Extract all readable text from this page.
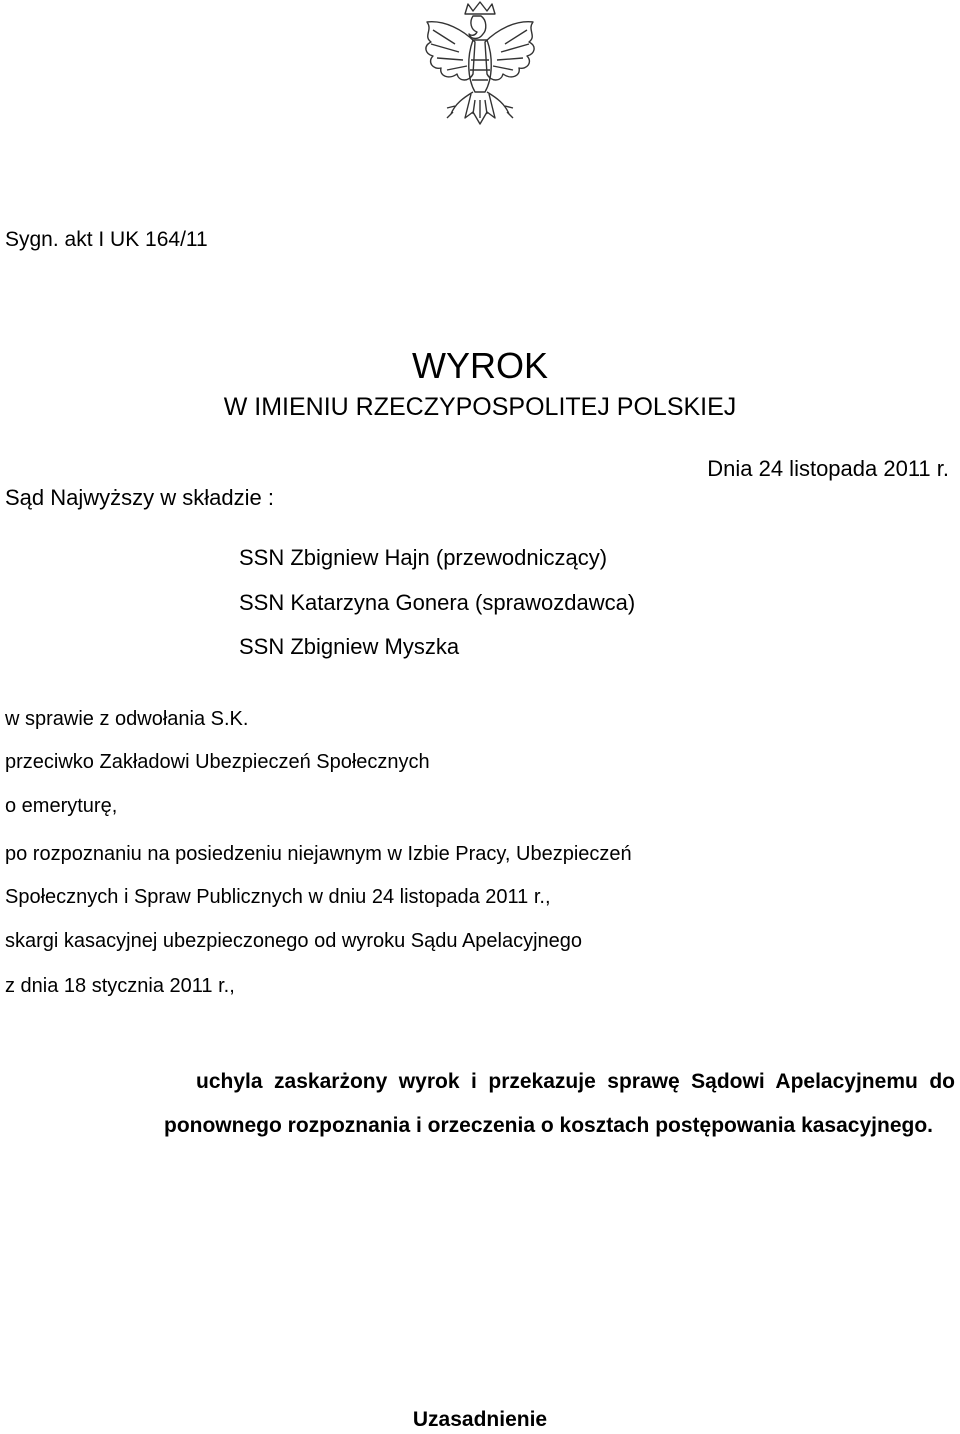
Sygn. akt I UK 164/11
WYROK
W IMIENIU RZECZYPOSPOLITEJ POLSKIEJ
Dnia 24 listopada 2011 r.
Sąd Najwyższy w składzie :
SSN Zbigniew Hajn (przewodniczący)
SSN Katarzyna Gonera (sprawozdawca)
SSN Zbigniew Myszka
w sprawie z odwołania S.K.
przeciwko Zakładowi Ubezpieczeń Społecznych
o emeryturę,
po rozpoznaniu na posiedzeniu niejawnym w Izbie Pracy, Ubezpieczeń
Społecznych i Spraw Publicznych w dniu 24 listopada 2011 r.,
skargi kasacyjnej ubezpieczonego od wyroku Sądu Apelacyjnego
z dnia 18 stycznia 2011 r.,
uchyla zaskarżony wyrok i przekazuje sprawę Sądowi Apelacyjnemu do ponownego rozpoznania i orzeczenia o kosztach postępowania kasacyjnego.
Uzasadnienie
